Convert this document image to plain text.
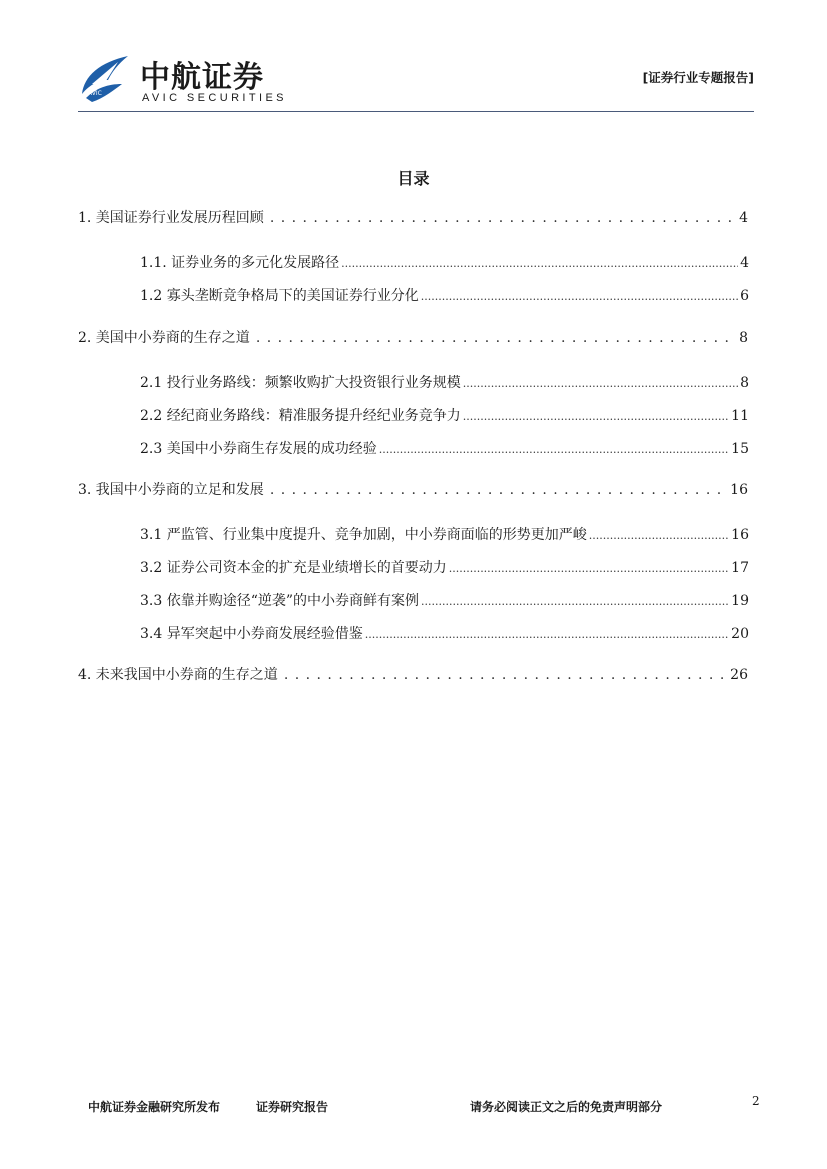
AVIC 中航证券
AVIC SECURITIES
[证券行业专题报告]
目录
1. 美国证券行业发展历程回顾 . . .	4
1.1. 证券业务的多元化发展路径 .....	4
1.2 寡头垄断竞争格局下的美国证券行业分化 .....	6
2. 美国中小券商的生存之道 . . .	8
2.1 投行业务路线：频繁收购扩大投资银行业务规模 .....	8
2.2 经纪商业务路线：精准服务提升经纪业务竞争力 .....	11
2.3 美国中小券商生存发展的成功经验 .....	15
3. 我国中小券商的立足和发展 . . .	16
3.1 严监管、行业集中度提升、竞争加剧，中小券商面临的形势更加严峻 .....	16
3.2 证券公司资本金的扩充是业绩增长的首要动力 .....	17
3.3 依靠并购途径“逆袭”的中小券商鲜有案例 .....	19
3.4 异军突起中小券商发展经验借鉴 .....	20
4. 未来我国中小券商的生存之道 . . .	26
中航证券金融研究所发布	证券研究报告	请务必阅读正文之后的免责声明部分	2
